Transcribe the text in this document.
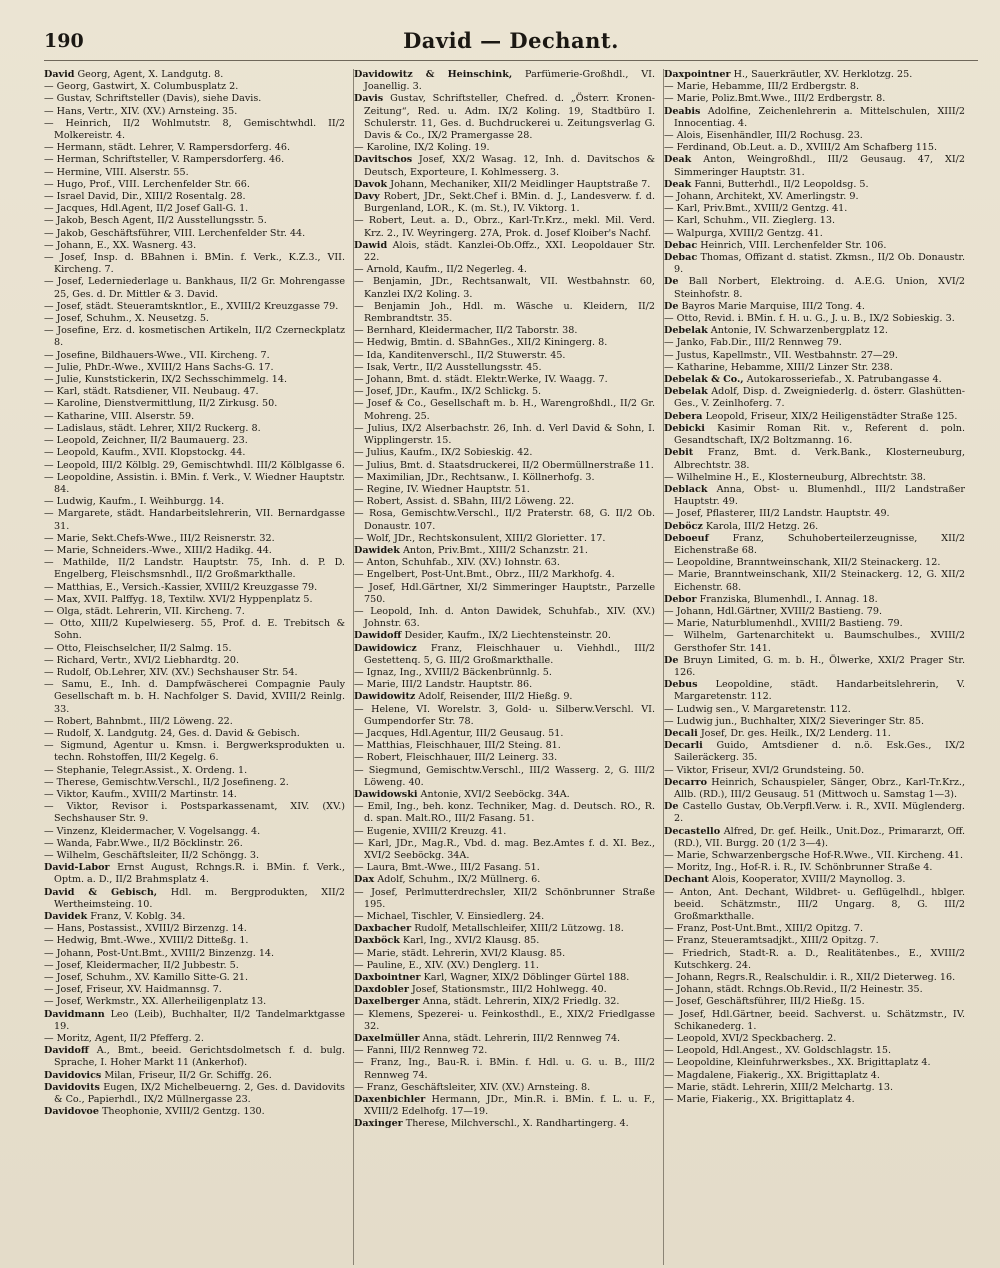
190	David — Dechant.

David Georg, Agent, X. Landgutg. 8.

— Georg, Gastwirt, X. Columbusplatz 2.

— Gustav, Schriftsteller (Davis), siehe Davis.

— Hans, Vertr., XIV. (XV.) Arnsteing. 35.

— Heinrich, II/2 Wohlmutstr. 8, Gemischtwhdl. II/2 Molkereistr. 4.

— Hermann, städt. Lehrer, V. Rampersdorferg. 46.

— Herman, Schriftsteller, V. Rampersdorferg. 46.

— Hermine, VIII. Alserstr. 55.

— Hugo, Prof., VIII. Lerchenfelder Str. 66.

— Israel David, Dir., XIII/2 Rosentalg. 28.

— Jacques, Hdl.Agent, II/2 Josef Gall-G. 1.

— Jakob, Besch Agent, II/2 Ausstellungsstr. 5.

— Jakob, Geschäftsführer, VIII. Lerchenfelder Str. 44.

— Johann, E., XX. Wasnerg. 43.

— Josef, Insp. d. BBahnen i. BMin. f. Verk., K.Z.3., VII. Kircheng. 7.

— Josef, Lederniederlage u. Bankhaus, II/2 Gr. Mohrengasse 25, Ges. d. Dr. Mittler & 3. David.

— Josef, städt. Steueramtskntlor., E., XVIII/2 Kreuzgasse 79.

— Josef, Schuhm., X. Neusetzg. 5.

— Josefine, Erz. d. kosmetischen Artikeln, II/2 Czerneckplatz 8.

— Josefine, Bildhauers-Wwe., VII. Kircheng. 7.

— Julie, PhDr.-Wwe., XVIII/2 Hans Sachs-G. 17.

— Julie, Kunststickerin, IX/2 Sechsschimmelg. 14.

— Karl, städt. Ratsdiener, VII. Neubaug. 47.

— Karoline, Dienstvermittlung, II/2 Zirkusg. 50.

— Katharine, VIII. Alserstr. 59.

— Ladislaus, städt. Lehrer, XII/2 Ruckerg. 8.

— Leopold, Zeichner, II/2 Baumauerg. 23.

— Leopold, Kaufm., XVII. Klopstockg. 44.

— Leopold, III/2 Kölblg. 29, Gemischtwhdl. III/2 Kölblgasse 6.

— Leopoldine, Assistin. i. BMin. f. Verk., V. Wiedner Hauptstr. 84.

— Ludwig, Kaufm., I. Weihburgg. 14.

— Margarete, städt. Handarbeitslehrerin, VII. Bernardgasse 31.

— Marie, Sekt.Chefs-Wwe., III/2 Reisnerstr. 32.

— Marie, Schneiders.-Wwe., XIII/2 Hadikg. 44.

— Mathilde, II/2 Landstr. Hauptstr. 75, Inh. d. P. D. Engelberg, Fleischsmsnhdl., II/2 Großmarkthalle.

— Matthias, E., Versich.-Kassier, XVIII/2 Kreuzgasse 79.

— Max, XVII. Palffyg. 18, Textilw. XVI/2 Hyppenplatz 5.

— Olga, städt. Lehrerin, VII. Kircheng. 7.

— Otto, XIII/2 Kupelwieserg. 55, Prof. d. E. Trebitsch & Sohn.

— Otto, Fleischselcher, II/2 Salmg. 15.

— Richard, Vertr., XVI/2 Liebhardtg. 20.

— Rudolf, Ob.Lehrer, XIV. (XV.) Sechshauser Str. 54.

— Samu, E., Inh. d. Dampfwäscherei Compagnie Pauly Gesellschaft m. b. H. Nachfolger S. David, XVIII/2 Reinlg. 33.

— Robert, Bahnbmt., III/2 Löweng. 22.

— Rudolf, X. Landgutg. 24, Ges. d. David & Gebisch.

— Sigmund, Agentur u. Kmsn. i. Bergwerksprodukten u. techn. Rohstoffen, III/2 Kegelg. 6.

— Stephanie, Telegr.Assist., X. Ordeng. 1.

— Therese, Gemischtw.Verschl., II/2 Josefineng. 2.

— Viktor, Kaufm., XVIII/2 Martinstr. 14.

— Viktor, Revisor i. Postsparkassenamt, XIV. (XV.) Sechshauser Str. 9.

— Vinzenz, Kleidermacher, V. Vogelsangg. 4.

— Wanda, Fabr.Wwe., II/2 Böcklinstr. 26.

— Wilhelm, Geschäftsleiter, II/2 Schöngg. 3.

David-Labor Ernst August, Rchngs.R. i. BMin. f. Verk., Optm. a. D., II/2 Brahmsplatz 4.

David & Gebisch, Hdl. m. Bergprodukten, XII/2 Wertheimsteing. 10.

Davidek Franz, V. Koblg. 34.

— Hans, Postassist., XVIII/2 Birzenzg. 14.

— Hedwig, Bmt.-Wwe., XVIII/2 Ditteßg. 1.

— Johann, Post-Unt.Bmt., XVIII/2 Binzenzg. 14.

— Josef, Kleidermacher, II/2 Jubbestr. 5.

— Josef, Schuhm., XV. Kamillo Sitte-G. 21.

— Josef, Friseur, XV. Haidmannsg. 7.

— Josef, Werkmstr., XX. Allerheiligenplatz 13.

Davidmann Leo (Leib), Buchhalter, II/2 Tandelmarktgasse 19.

— Moritz, Agent, II/2 Pfefferg. 2.

Davidoff A., Bmt., beeid. Gerichtsdolmetsch f. d. bulg. Sprache, I. Hoher Markt 11 (Ankerhof).

Davidovics Milan, Friseur, II/2 Gr. Schiffg. 26.

Davidovits Eugen, IX/2 Michelbeuerng. 2, Ges. d. Davidovits & Co., Papierhdl., IX/2 Müllnergasse 23.

Davidovoe Theophonie, XVIII/2 Gentzg. 130.

Davidowitz & Heinschink, Parfümerie-Großhdl., VI. Joanellig. 3.

Davis Gustav, Schriftsteller, Chefred. d. „Österr. Kronen-Zeitung“, Red. u. Adm. IX/2 Koling. 19, Stadtbüro I. Schulerstr. 11, Ges. d. Buchdruckerei u. Zeitungsverlag G. Davis & Co., IX/2 Pramergasse 28.

— Karoline, IX/2 Koling. 19.

Davitschos Josef, XX/2 Wasag. 12, Inh. d. Davitschos & Deutsch, Exporteure, I. Kohlmesserg. 3.

Davok Johann, Mechaniker, XII/2 Meidlinger Hauptstraße 7.

Davy Robert, JDr., Sekt.Chef i. BMin. d. J., Landesverw. f. d. Burgenland, LOR., K. (m. St.), IV. Viktorg. 1.

— Robert, Leut. a. D., Obrz., Karl-Tr.Krz., mekl. Mil. Verd. Krz. 2., IV. Weyringerg. 27A, Prok. d. Josef Kloiber's Nachf.

Dawid Alois, städt. Kanzlei-Ob.Offz., XXI. Leopoldauer Str. 22.

— Arnold, Kaufm., II/2 Negerleg. 4.

— Benjamin, JDr., Rechtsanwalt, VII. Westbahnstr. 60, Kanzlei IX/2 Koling. 3.

— Benjamin Joh., Hdl. m. Wäsche u. Kleidern, II/2 Rembrandtstr. 35.

— Bernhard, Kleidermacher, II/2 Taborstr. 38.

— Hedwig, Bmtin. d. SBahnGes., XII/2 Kiningerg. 8.

— Ida, Kanditenverschl., II/2 Stuwerstr. 45.

— Isak, Vertr., II/2 Ausstellungsstr. 45.

— Johann, Bmt. d. städt. Elektr.Werke, IV. Waagg. 7.

— Josef, JDr., Kaufm., IX/2 Schlickg. 5.

— Josef & Co., Gesellschaft m. b. H., Warengroßhdl., II/2 Gr. Mohreng. 25.

— Julius, IX/2 Alserbachstr. 26, Inh. d. Verl David & Sohn, I. Wipplingerstr. 15.

— Julius, Kaufm., IX/2 Sobieskig. 42.

— Julius, Bmt. d. Staatsdruckerei, II/2 Obermüllnerstraße 11.

— Maximilian, JDr., Rechtsanw., I. Köllnerhofg. 3.

— Regine, IV. Wiedner Hauptstr. 51.

— Robert, Assist. d. SBahn, III/2 Löweng. 22.

— Rosa, Gemischtw.Verschl., II/2 Praterstr. 68, G. II/2 Ob. Donaustr. 107.

— Wolf, JDr., Rechtskonsulent, XIII/2 Gloriettег. 17.

Dawidek Anton, Priv.Bmt., XIII/2 Schanzstr. 21.

— Anton, Schuhfab., XIV. (XV.) Iohnstr. 63.

— Engelbert, Post-Unt.Bmt., Obrz., III/2 Markhofg. 4.

— Josef, Hdl.Gärtner, XI/2 Simmeringer Hauptstr., Parzelle 750.

— Leopold, Inh. d. Anton Dawidek, Schuhfab., XIV. (XV.) Johnstr. 63.

Dawidoff Desider, Kaufm., IX/2 Liechtensteinstr. 20.

Dawidowicz Franz, Fleischhauer u. Viehhdl., III/2 Gestettenq. 5, G. III/2 Großmarkthalle.

— Ignaz, Ing., XVIII/2 Bäckenbrünnlg. 5.

— Marie, III/2 Landstr. Hauptstr. 86.

Dawidowitz Adolf, Reisender, III/2 Hießg. 9.

— Helene, VI. Worelstr. 3, Gold- u. Silberw.Verschl. VI. Gumpendorfer Str. 78.

— Jacques, Hdl.Agentur, III/2 Geusaug. 51.

— Matthias, Fleischhauer, III/2 Steing. 81.

— Robert, Fleischhauer, III/2 Leinerg. 33.

— Siegmund, Gemischtw.Verschl., III/2 Wasserg. 2, G. III/2 Löweng. 40.

Dawidowski Antonie, XVI/2 Seeböckg. 34A.

— Emil, Ing., beh. konz. Techniker, Mag. d. Deutsch. RO., R. d. span. Malt.RO., III/2 Fasang. 51.

— Eugenie, XVIII/2 Kreuzg. 41.

— Karl, JDr., Mag.R., Vbd. d. mag. Bez.Amtes f. d. XI. Bez., XVI/2 Seeböckg. 34A.

— Laura, Bmt.-Wwe., III/2 Fasang. 51.

Dax Adolf, Schuhm., IX/2 Müllnerg. 6.

— Josef, Perlmutterdrechsler, XII/2 Schönbrunner Straße 195.

— Michael, Tischler, V. Einsiedlerg. 24.

Daxbacher Rudolf, Metallschleifer, XIII/2 Lützowg. 18.

Daxböck Karl, Ing., XVI/2 Klausg. 85.

— Marie, städt. Lehrerin, XVI/2 Klausg. 85.

— Pauline, E., XIV. (XV.) Denglerg. 11.

Daxbointner Karl, Wagner, XIX/2 Döblinger Gürtel 188.

Daxdobler Josef, Stationsmstr., III/2 Hohlwegg. 40.

Daxelberger Anna, städt. Lehrerin, XIX/2 Friedlg. 32.

— Klemens, Spezerei- u. Feinkosthdl., E., XIX/2 Friedlgasse 32.

Daxelmüller Anna, städt. Lehrerin, III/2 Rennweg 74.

— Fanni, III/2 Rennweg 72.

— Franz, Ing., Bau-R. i. BMin. f. Hdl. u. G. u. B., III/2 Rennweg 74.

— Franz, Geschäftsleiter, XIV. (XV.) Arnsteing. 8.

Daxenbichler Hermann, JDr., Min.R. i. BMin. f. L. u. F., XVIII/2 Edelhofg. 17—19.

Daxinger Therese, Milchverschl., X. Randhartingerg. 4.

Daxpointner H., Sauerkräutler, XV. Herklotzg. 25.

— Marie, Hebamme, III/2 Erdbergstr. 8.

— Marie, Poliz.Bmt.Wwe., III/2 Erdbergstr. 8.

Deabis Adolfine, Zeichenlehrerin a. Mittelschulen, XIII/2 Innocentiag. 4.

— Alois, Eisenhändler, III/2 Rochusg. 23.

— Ferdinand, Ob.Leut. a. D., XVIII/2 Am Schafberg 115.

Deak Anton, Weingroßhdl., III/2 Geusaug. 47, XI/2 Simmeringer Hauptstr. 31.

Deak Fanni, Butterhdl., II/2 Leopoldsg. 5.

— Johann, Architekt, XV. Amerlingstr. 9.

— Karl, Priv.Bmt., XVIII/2 Gentzg. 41.

— Karl, Schuhm., VII. Zieglerg. 13.

— Walpurga, XVIII/2 Gentzg. 41.

Debac Heinrich, VIII. Lerchenfelder Str. 106.

Debac Thomas, Offizant d. statist. Zkmsn., II/2 Ob. Donaustr. 9.

De Ball Norbert, Elektroing. d. A.E.G. Union, XVI/2 Steinhofstr. 8.

De Bayros Marie Marquise, III/2 Tong. 4.

— Otto, Revid. i. BMin. f. H. u. G., J. u. B., IX/2 Sobieskig. 3.

Debelak Antonie, IV. Schwarzenbergplatz 12.

— Janko, Fab.Dir., III/2 Rennweg 79.

— Justus, Kapellmstr., VII. Westbahnstr. 27—29.

— Katharine, Hebamme, XIII/2 Linzer Str. 238.

Debelak & Co., Autokarosseriefab., X. Patrubangasse 4.

Debelak Adolf, Disp. d. Zweigniederlg. d. österr. Glashütten-Ges., V. Zeinlhoferg. 7.

Debera Leopold, Friseur, XIX/2 Heiligenstädter Straße 125.

Debicki Kasimir Roman Rit. v., Referent d. poln. Gesandtschaft, IX/2 Boltzmanng. 16.

Debit Franz, Bmt. d. Verk.Bank., Klosterneuburg, Albrechtstr. 38.

— Wilhelmine H., E., Klosterneuburg, Albrechtstr. 38.

Deblack Anna, Obst- u. Blumenhdl., III/2 Landstraßer Hauptstr. 49.

— Josef, Pflasterer, III/2 Landstr. Hauptstr. 49.

Deböcz Karola, III/2 Hetzg. 26.

Deboeuf Franz, Schuhoberteilerzeugnisse, XII/2 Eichenstraße 68.

— Leopoldine, Branntweinschank, XII/2 Steinackerg. 12.

— Marie, Branntweinschank, XII/2 Steinackerg. 12, G. XII/2 Eichenstr. 68.

Debor Franziska, Blumenhdl., I. Annag. 18.

— Johann, Hdl.Gärtner, XVIII/2 Bastieng. 79.

— Marie, Naturblumenhdl., XVIII/2 Bastieng. 79.

— Wilhelm, Gartenarchitekt u. Baumschulbes., XVIII/2 Gersthofer Str. 141.

De Bruyn Limited, G. m. b. H., Ölwerke, XXI/2 Prager Str. 126.

Debus Leopoldine, städt. Handarbeitslehrerin, V. Margaretenstr. 112.

— Ludwig sen., V. Margaretenstr. 112.

— Ludwig jun., Buchhalter, XIX/2 Sieveringer Str. 85.

Decali Josef, Dr. ges. Heilk., IX/2 Lenderg. 11.

Decarli Guido, Amtsdiener d. n.ö. Esk.Ges., IX/2 Saileräckerg. 35.

— Viktor, Friseur, XVI/2 Grundsteing. 50.

Decarro Heinrich, Schauspieler, Sänger, Obrz., Karl-Tr.Krz., Allb. (RD.), III/2 Geusaug. 51 (Mittwoch u. Samstag 1—3).

De Castello Gustav, Ob.Verpfl.Verw. i. R., XVII. Müglenderg. 2.

Decastello Alfred, Dr. gef. Heilk., Unit.Doz., Primararzt, Off. (RD.), VII. Burgg. 20 (1/2 3—4).

— Marie, Schwarzenbergsche Hof-R.Wwe., VII. Kircheng. 41.

— Moritz, Ing., Hof-R. i. R., IV. Schönbrunner Straße 4.

Dechant Alois, Kooperator, XVIII/2 Maynollog. 3.

— Anton, Ant. Dechant, Wildbret- u. Geflügelhdl., hblger. beeid. Schätzmstr., III/2 Ungarg. 8, G. III/2 Großmarkthalle.

— Franz, Post-Unt.Bmt., XIII/2 Opitzg. 7.

— Franz, Steueramtsadjkt., XIII/2 Opitzg. 7.

— Friedrich, Stadt-R. a. D., Realitätenbes., E., XVIII/2 Kutschkerg. 24.

— Johann, Regrs.R., Realschuldir. i. R., XII/2 Dieterweg. 16.

— Johann, städt. Rchngs.Ob.Revid., II/2 Heinestr. 35.

— Josef, Geschäftsführer, III/2 Hießg. 15.

— Josef, Hdl.Gärtner, beeid. Sachverst. u. Schätzmstr., IV. Schikanederg. 1.

— Leopold, XVI/2 Speckbacherg. 2.

— Leopold, Hdl.Angest., XV. Goldschlagstr. 15.

— Leopoldine, Kleinfuhrwerksbes., XX. Brigittaplatz 4.

— Magdalene, Fiakerig., XX. Brigittaplatz 4.

— Marie, städt. Lehrerin, XIII/2 Melchartg. 13.

— Marie, Fiakerig., XX. Brigittaplatz 4.
